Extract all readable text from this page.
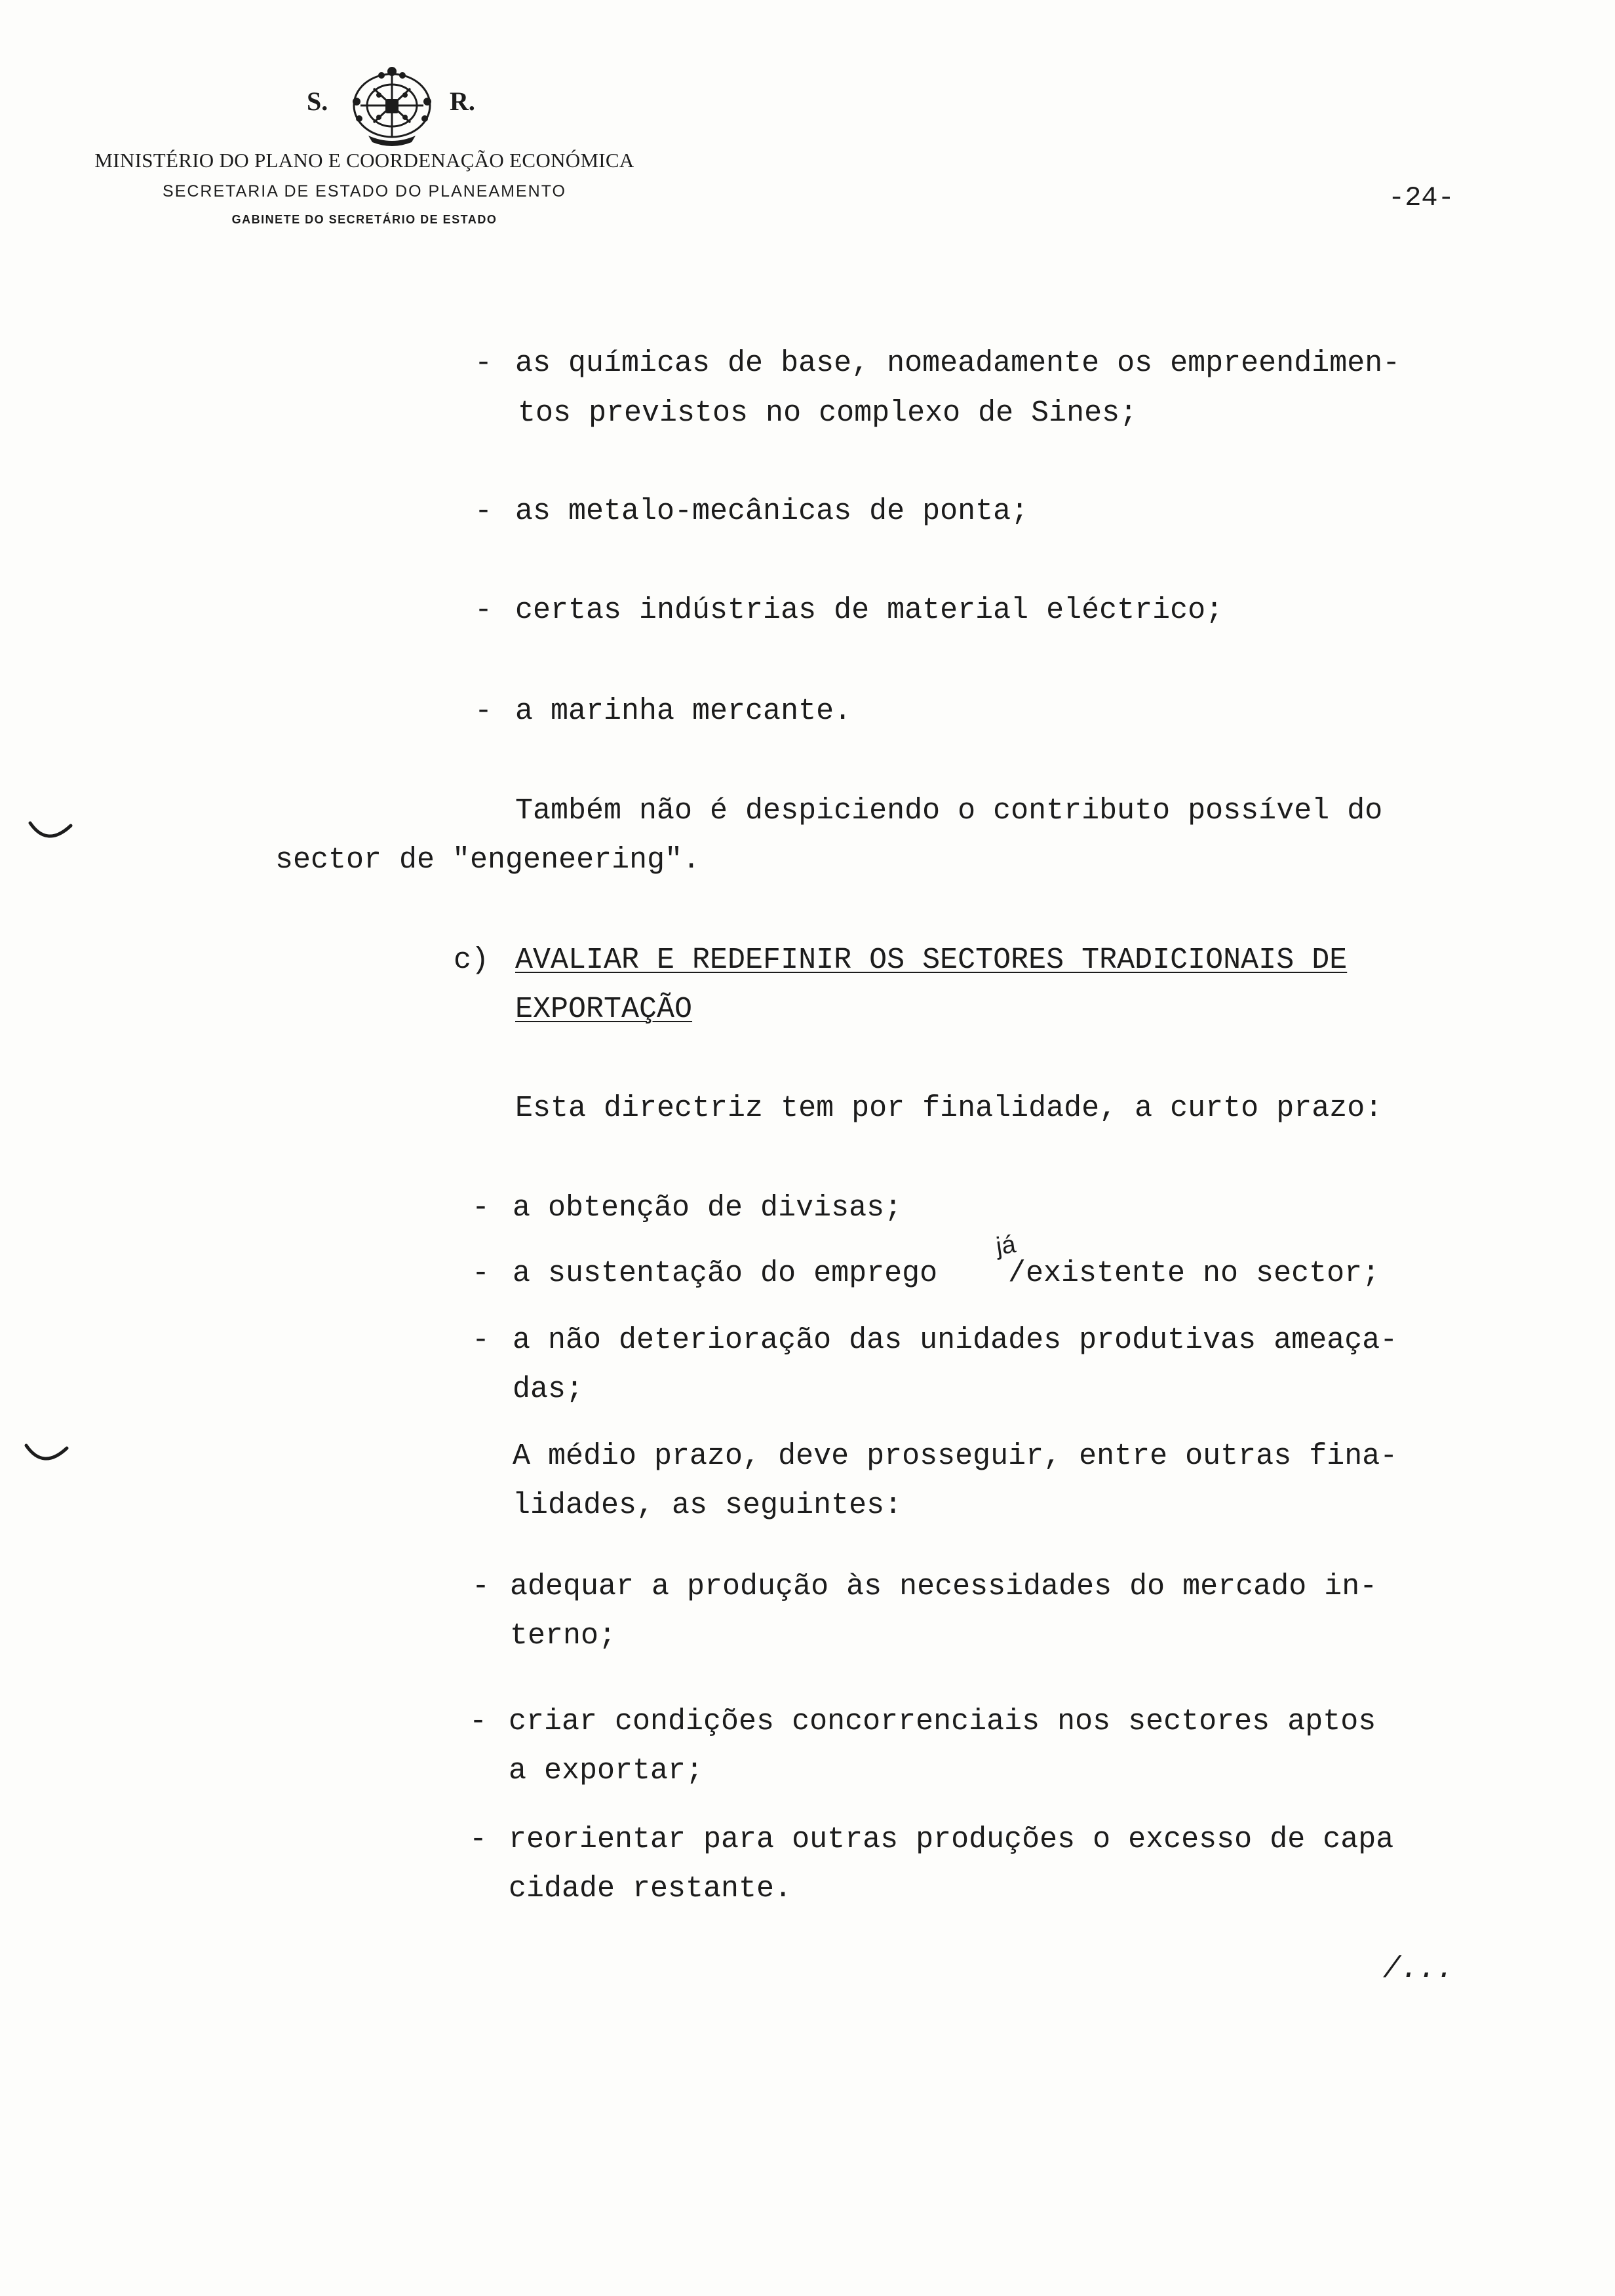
S.	R.
MINISTÉRIO DO PLANO E COORDENAÇÃO ECONÓMICA
SECRETARIA DE ESTADO DO PLANEAMENTO
GABINETE DO SECRETÁRIO DE ESTADO
-24-
- as químicas de base, nomeadamente os empreendimen-
tos previstos no complexo de Sines;
- as metalo-mecânicas de ponta;
- certas indústrias de material eléctrico;
- a marinha mercante.
Também não é despiciendo o contributo possível do
sector de "engeneering".
c) AVALIAR E REDEFINIR OS SECTORES TRADICIONAIS DE
EXPORTAÇÃO
Esta directriz tem por finalidade, a curto prazo:
- a obtenção de divisas;
- a sustentação do emprego
já
/existente no sector;
- a não deterioração das unidades produtivas ameaça-
das;
A médio prazo, deve prosseguir, entre outras fina-
lidades, as seguintes:
- adequar a produção às necessidades do mercado in-
terno;
- criar condições concorrenciais nos sectores aptos
a exportar;
- reorientar para outras produções o excesso de capa
cidade restante.
/...
